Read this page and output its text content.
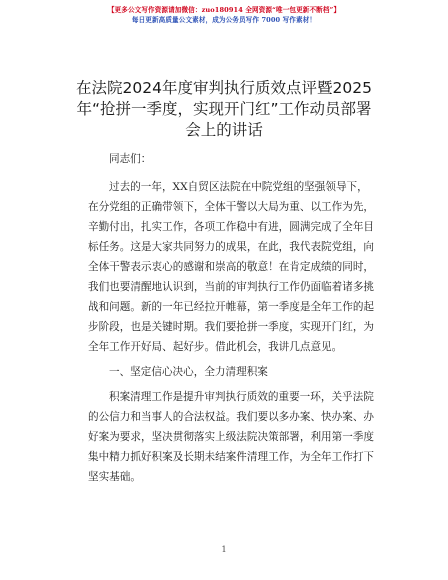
【更多公文写作资源请加微信：zuo180914 全网资源“唯一包更新不断档”】
每日更新高质量公文素材，成为公务员写作 7000 写作素材！
在法院2024年度审判执行质效点评暨2025
年“抢拼一季度，实现开门红”工作动员部署
会上的讲话
同志们：
过去的一年，XX自贸区法院在中院党组的坚强领导下，
在分党组的正确带领下，全体干警以大局为重、以工作为先，
辛勤付出，扎实工作，各项工作稳中有进，圆满完成了全年目
标任务。这是大家共同努力的成果，在此，我代表院党组，向
全体干警表示衷心的感谢和崇高的敬意！在肯定成绩的同时，
我们也要清醒地认识到，当前的审判执行工作仍面临着诸多挑
战和问题。新的一年已经拉开帷幕，第一季度是全年工作的起
步阶段，也是关键时期。我们要抢拼一季度，实现开门红，为
全年工作开好局、起好步。借此机会，我讲几点意见。
一、坚定信心决心，全力清理积案
积案清理工作是提升审判执行质效的重要一环，关乎法院
的公信力和当事人的合法权益。我们要以多办案、快办案、办
好案为要求，坚决贯彻落实上级法院决策部署，利用第一季度
集中精力抓好积案及长期未结案件清理工作，为全年工作打下
坚实基础。
1
